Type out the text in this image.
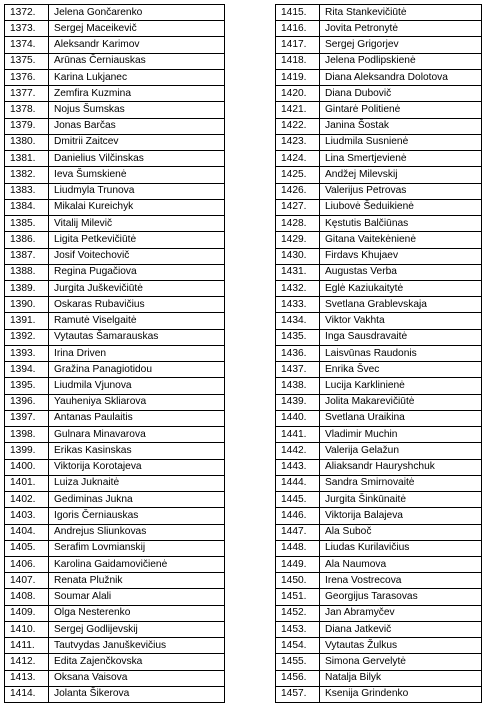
1372.	Jelena Gončarenko
1373.	Sergej Maceikevič
1374.	Aleksandr Karimov
1375.	Arūnas Černiauskas
1376.	Karina Lukjanec
1377.	Zemfira Kuzmina
1378.	Nojus Šumskas
1379.	Jonas Barčas
1380.	Dmitrii Zaitcev
1381.	Danielius Vilčinskas
1382.	Ieva Šumskienė
1383.	Liudmyla Trunova
1384.	Mikalai Kureichyk
1385.	Vitalij Milevič
1386.	Ligita Petkevičiūtė
1387.	Josif Voitechovič
1388.	Regina Pugačiova
1389.	Jurgita Juškevičiūtė
1390.	Oskaras Rubavičius
1391.	Ramutė Viselgaitė
1392.	Vytautas Šamarauskas
1393.	Irina Driven
1394.	Gražina Panagiotidou
1395.	Liudmila Vjunova
1396.	Yauheniya Skliarova
1397.	Antanas Paulaitis
1398.	Gulnara Minavarova
1399.	Erikas Kasinskas
1400.	Viktorija Korotajeva
1401.	Luiza Juknaitė
1402.	Gediminas Jukna
1403.	Igoris Černiauskas
1404.	Andrejus Sliunkovas
1405.	Serafim Lovmianskij
1406.	Karolina Gaidamovičienė
1407.	Renata Plužnik
1408.	Soumar Alali
1409.	Olga Nesterenko
1410.	Sergej Godlijevskij
1411.	Tautvydas Januškevičius
1412.	Edita Zajenčkovska
1413.	Oksana Vaisova
1414.	Jolanta Šikerova
1415.	Rita Stankevičiūtė
1416.	Jovita Petronytė
1417.	Sergej Grigorjev
1418.	Jelena Podlipskienė
1419.	Diana Aleksandra Dolotova
1420.	Diana Dubovič
1421.	Gintarė Politienė
1422.	Janina Šostak
1423.	Liudmila Susnienė
1424.	Lina Smertjevienė
1425.	Andžej Milevskij
1426.	Valerijus Petrovas
1427.	Liubovė Šeduikienė
1428.	Kęstutis Balčiūnas
1429.	Gitana Vaitekėnienė
1430.	Firdavs Khujaev
1431.	Augustas Verba
1432.	Eglė Kaziukaitytė
1433.	Svetlana Grablevskaja
1434.	Viktor Vakhta
1435.	Inga Sausdravaitė
1436.	Laisvūnas Raudonis
1437.	Enrika Švec
1438.	Lucija Karklinienė
1439.	Jolita Makarevičiūtė
1440.	Svetlana Uraikina
1441.	Vladimir Muchin
1442.	Valerija Gelažun
1443.	Aliaksandr Hauryshchuk
1444.	Sandra Smirnovaitė
1445.	Jurgita Šinkūnaitė
1446.	Viktorija Balajeva
1447.	Ala Suboč
1448.	Liudas Kurilavičius
1449.	Ala Naumova
1450.	Irena Vostrecova
1451.	Georgijus Tarasovas
1452.	Jan Abramyčev
1453.	Diana Jatkevič
1454.	Vytautas Žulkus
1455.	Simona Gervelytė
1456.	Natalja Bilyk
1457.	Ksenija Grindenko
